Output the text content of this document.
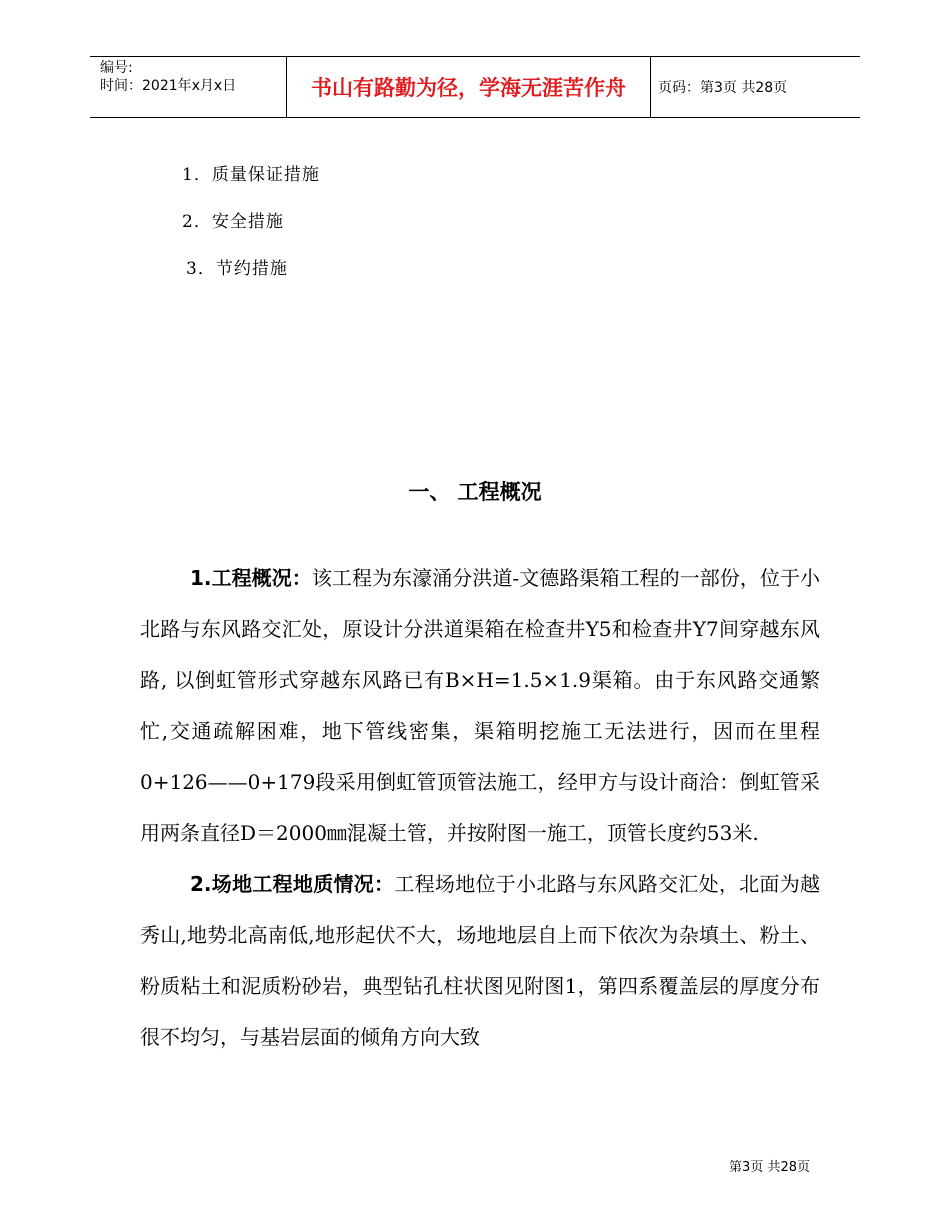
编号:
时间：2021年x月x日	书山有路勤为径，学海无涯苦作舟	页码：第3页 共28页
1．质量保证措施
2．安全措施
3．节约措施
一、 工程概况

1.工程概况：该工程为东濠涌分洪道-文德路渠箱工程的一部份，位于小北路与东风路交汇处，原设计分洪道渠箱在检查井Y5和检查井Y7间穿越东风路, 以倒虹管形式穿越东风路已有B×H=1.5×1.9渠箱。由于东风路交通繁忙,交通疏解困难，地下管线密集，渠箱明挖施工无法进行，因而在里程0+126——0+179段采用倒虹管顶管法施工，经甲方与设计商洽：倒虹管采用两条直径D＝2000㎜混凝土管，并按附图一施工，顶管长度约53米.

2.场地工程地质情况：工程场地位于小北路与东风路交汇处，北面为越秀山,地势北高南低,地形起伏不大，场地地层自上而下依次为杂填土、粉土、粉质粘土和泥质粉砂岩，典型钻孔柱状图见附图1，第四系覆盖层的厚度分布很不均匀，与基岩层面的倾角方向大致

第3页 共28页
